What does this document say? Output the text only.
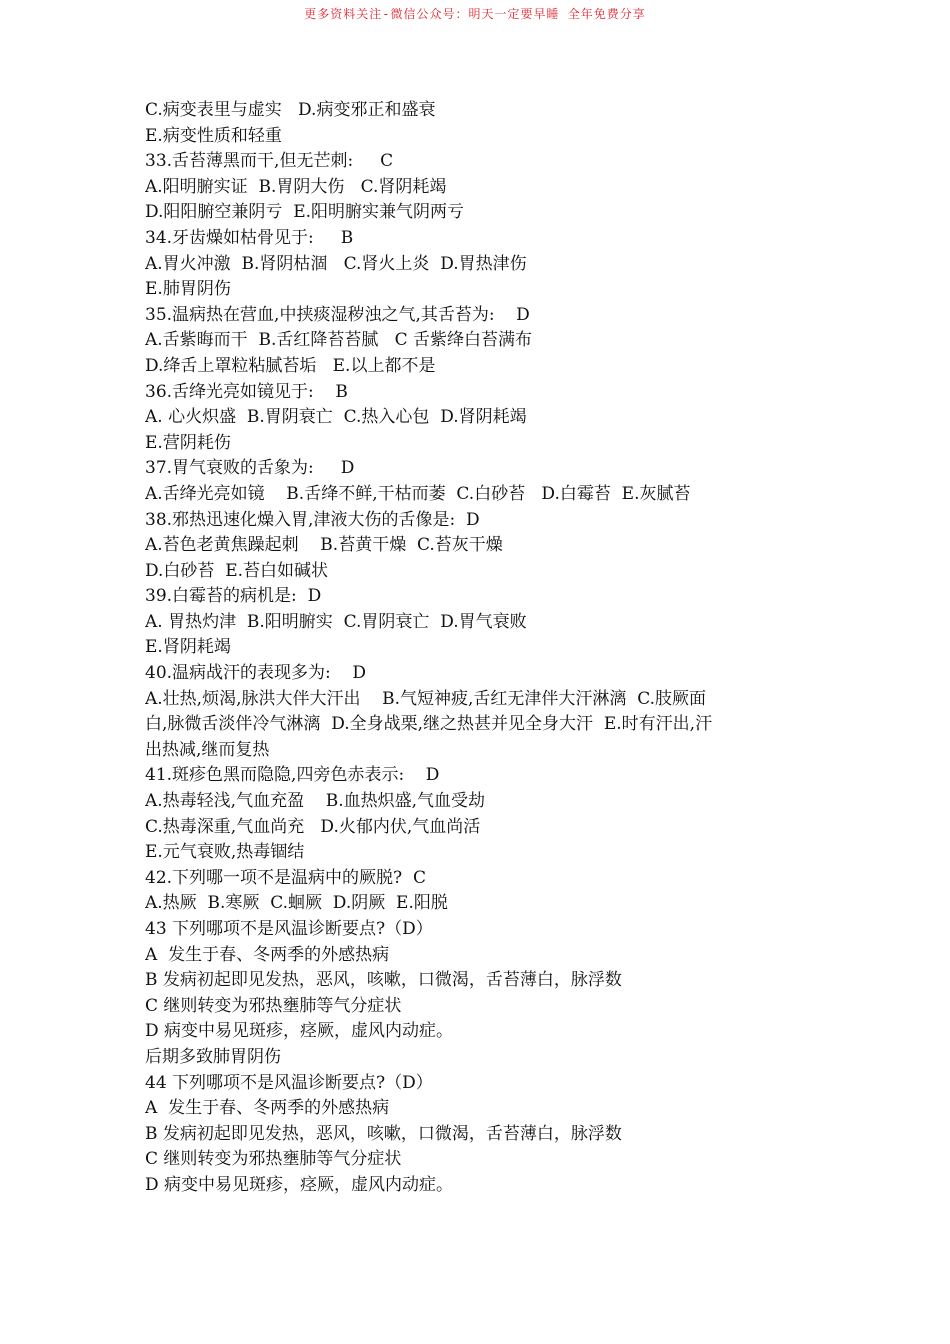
更多资料关注-微信公众号：明天一定要早睡 全年免费分享
C.病变表里与虚实   D.病变邪正和盛衰
E.病变性质和轻重
33.舌苔薄黑而干,但无芒刺:     C
A.阳明腑实证  B.胃阴大伤   C.肾阴耗竭
D.阳阳腑空兼阴亏  E.阳明腑实兼气阴两亏
34.牙齿燥如枯骨见于:     B
A.胃火冲激  B.肾阴枯涸   C.肾火上炎  D.胃热津伤
E.肺胃阴伤
35.温病热在营血,中挟痰湿秽浊之气,其舌苔为:    D
A.舌紫晦而干  B.舌红降苔苔腻   C 舌紫绛白苔满布
D.绛舌上罩粒粘腻苔垢   E.以上都不是
36.舌绛光亮如镜见于:    B
A. 心火炽盛  B.胃阴衰亡  C.热入心包  D.肾阴耗竭
E.营阴耗伤
37.胃气衰败的舌象为:     D
A.舌绛光亮如镜    B.舌绛不鲜,干枯而萎  C.白砂苔   D.白霉苔  E.灰腻苔
38.邪热迅速化燥入胃,津液大伤的舌像是:  D
A.苔色老黄焦躁起刺    B.苔黄干燥  C.苔灰干燥
D.白砂苔  E.苔白如碱状
39.白霉苔的病机是:  D
A. 胃热灼津  B.阳明腑实  C.胃阴衰亡  D.胃气衰败
E.肾阴耗竭
40.温病战汗的表现多为:    D
A.壮热,烦渴,脉洪大伴大汗出    B.气短神疲,舌红无津伴大汗淋漓  C.肢厥面
白,脉微舌淡伴冷气淋漓  D.全身战栗,继之热甚并见全身大汗  E.时有汗出,汗
出热减,继而复热
41.斑疹色黑而隐隐,四旁色赤表示:    D
A.热毒轻浅,气血充盈    B.血热炽盛,气血受劫
C.热毒深重,气血尚充   D.火郁内伏,气血尚活
E.元气衰败,热毒锢结
42.下列哪一项不是温病中的厥脱?  C
A.热厥  B.寒厥  C.蛔厥  D.阴厥  E.阳脱
43 下列哪项不是风温诊断要点?（D）
A  发生于春、冬两季的外感热病
B 发病初起即见发热，恶风，咳嗽，口微渴，舌苔薄白，脉浮数
C 继则转变为邪热壅肺等气分症状
D 病变中易见斑疹，痉厥，虚风内动症。
后期多致肺胃阴伤
44 下列哪项不是风温诊断要点?（D）
A  发生于春、冬两季的外感热病
B 发病初起即见发热，恶风，咳嗽，口微渴，舌苔薄白，脉浮数
C 继则转变为邪热壅肺等气分症状
D 病变中易见斑疹，痉厥，虚风内动症。
